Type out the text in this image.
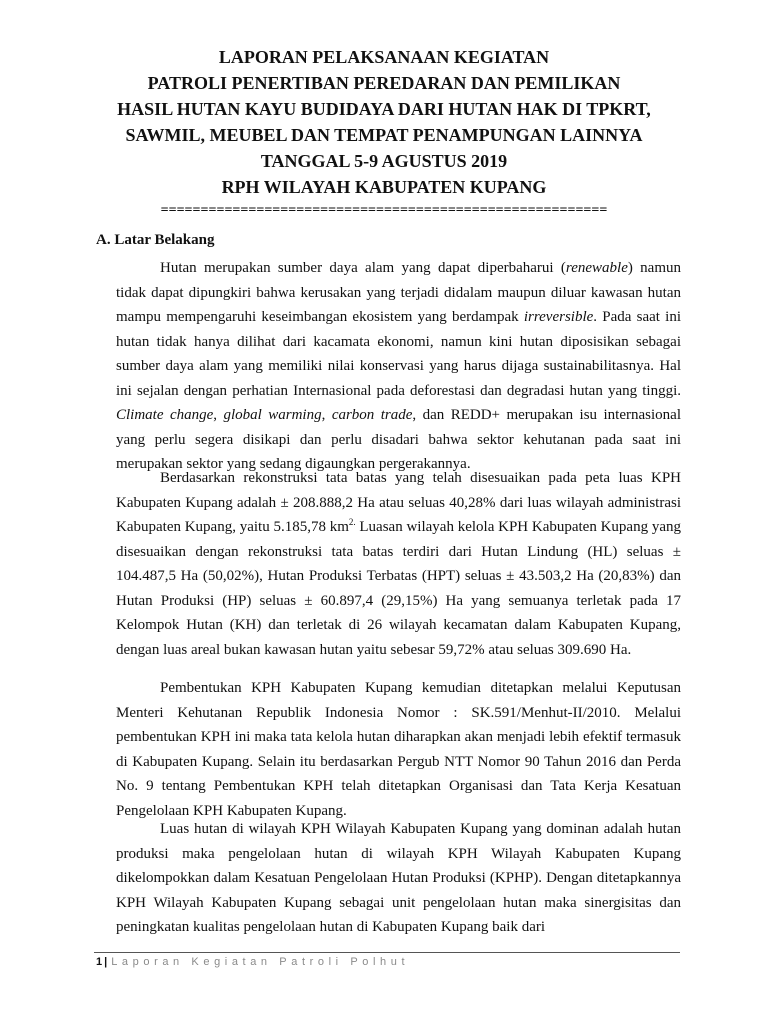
LAPORAN PELAKSANAAN KEGIATAN
PATROLI PENERTIBAN PEREDARAN DAN PEMILIKAN
HASIL HUTAN KAYU BUDIDAYA DARI HUTAN HAK DI TPKRT,
SAWMIL, MEUBEL DAN TEMPAT PENAMPUNGAN LAINNYA
TANGGAL 5-9 AGUSTUS 2019
RPH WILAYAH KABUPATEN KUPANG
========================================================
A. Latar Belakang

Hutan merupakan sumber daya alam yang dapat diperbaharui (renewable) namun tidak dapat dipungkiri bahwa kerusakan yang terjadi didalam maupun diluar kawasan hutan mampu mempengaruhi keseimbangan ekosistem yang berdampak irreversible. Pada saat ini hutan tidak hanya dilihat dari kacamata ekonomi, namun kini hutan diposisikan sebagai sumber daya alam yang memiliki nilai konservasi yang harus dijaga sustainabilitasnya. Hal ini sejalan dengan perhatian Internasional pada deforestasi dan degradasi hutan yang tinggi. Climate change, global warming, carbon trade, dan REDD+ merupakan isu internasional yang perlu segera disikapi dan perlu disadari bahwa sektor kehutanan pada saat ini merupakan sektor yang sedang digaungkan pergerakannya.

Berdasarkan rekonstruksi tata batas yang telah disesuaikan pada peta luas KPH Kabupaten Kupang adalah ± 208.888,2 Ha atau seluas 40,28% dari luas wilayah administrasi Kabupaten Kupang, yaitu 5.185,78 $km^{2.}$ Luasan wilayah kelola KPH Kabupaten Kupang yang disesuaikan dengan rekonstruksi tata batas terdiri dari Hutan Lindung (HL) seluas ± 104.487,5 Ha (50,02%), Hutan Produksi Terbatas (HPT) seluas ± 43.503,2 Ha (20,83%) dan Hutan Produksi (HP) seluas ± 60.897,4 (29,15%) Ha yang semuanya terletak pada 17 Kelompok Hutan (KH) dan terletak di 26 wilayah kecamatan dalam Kabupaten Kupang, dengan luas areal bukan kawasan hutan yaitu sebesar 59,72% atau seluas 309.690 Ha.

Pembentukan KPH Kabupaten Kupang kemudian ditetapkan melalui Keputusan Menteri Kehutanan Republik Indonesia Nomor : SK.591/Menhut-II/2010. Melalui pembentukan KPH ini maka tata kelola hutan diharapkan akan menjadi lebih efektif termasuk di Kabupaten Kupang. Selain itu berdasarkan Pergub NTT Nomor 90 Tahun 2016 dan Perda No. 9 tentang Pembentukan KPH telah ditetapkan Organisasi dan Tata Kerja Kesatuan Pengelolaan KPH Kabupaten Kupang.

Luas hutan di wilayah KPH Wilayah Kabupaten Kupang yang dominan adalah hutan produksi maka pengelolaan hutan di wilayah KPH Wilayah Kabupaten Kupang dikelompokkan dalam Kesatuan Pengelolaan Hutan Produksi (KPHP). Dengan ditetapkannya KPH Wilayah Kabupaten Kupang sebagai unit pengelolaan hutan maka sinergisitas dan peningkatan kualitas pengelolaan hutan di Kabupaten Kupang baik dari

1 | Laporan Kegiatan Patroli Polhut
